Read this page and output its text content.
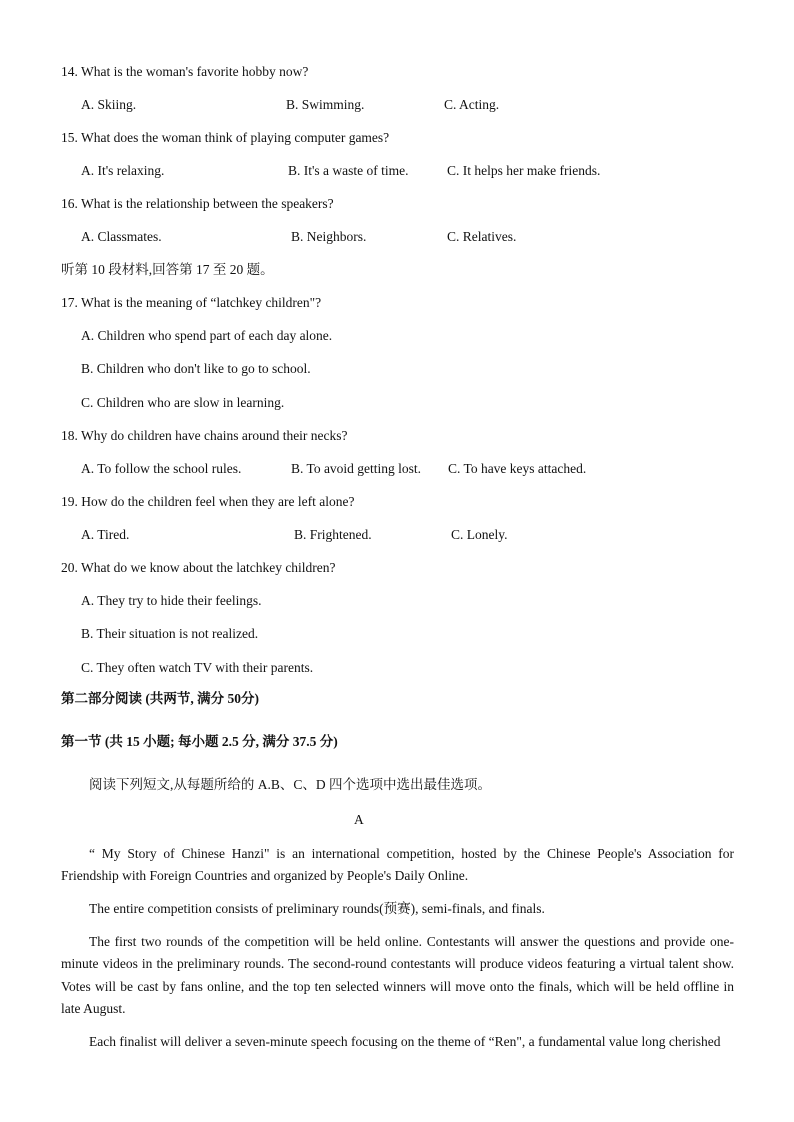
14. What is the woman's favorite hobby now?

A. Skiing.	B. Swimming.	C. Acting.

15. What does the woman think of playing computer games?

A. It's relaxing.	B. It's a waste of time.	C. It helps her make friends.

16. What is the relationship between the speakers?

A. Classmates.	B. Neighbors.	C. Relatives.

听第 10 段材料,回答第 17 至 20 题。

17. What is the meaning of “latchkey children"?

A. Children who spend part of each day alone.

B. Children who don't like to go to school.

C. Children who are slow in learning.

18. Why do children have chains around their necks?

A. To follow the school rules.	B. To avoid getting lost. C. To have keys attached.

19. How do the children feel when they are left alone?

A. Tired.	B. Frightened.	C. Lonely.

20. What do we know about the latchkey children?

A. They try to hide their feelings.

B. Their situation is not realized.

C. They often watch TV with their parents.

第二部分阅读 (共两节, 满分 50分)

第一节 (共 15 小题; 每小题 2.5 分, 满分 37.5 分)

阅读下列短文,从每题所给的 A.B、C、D 四个选项中选出最佳选项。

A

“ My Story of Chinese Hanzi" is an international competition, hosted by the Chinese People's Association for Friendship with Foreign Countries and organized by People's Daily Online.

The entire competition consists of preliminary rounds(预赛), semi-finals, and finals.

The first two rounds of the competition will be held online. Contestants will answer the questions and provide one-minute videos in the preliminary rounds. The second-round contestants will produce videos featuring a virtual talent show. Votes will be cast by fans online, and the top ten selected winners will move onto the finals, which will be held offline in late August.

Each finalist will deliver a seven-minute speech focusing on the theme of “Ren", a fundamental value long cherished
